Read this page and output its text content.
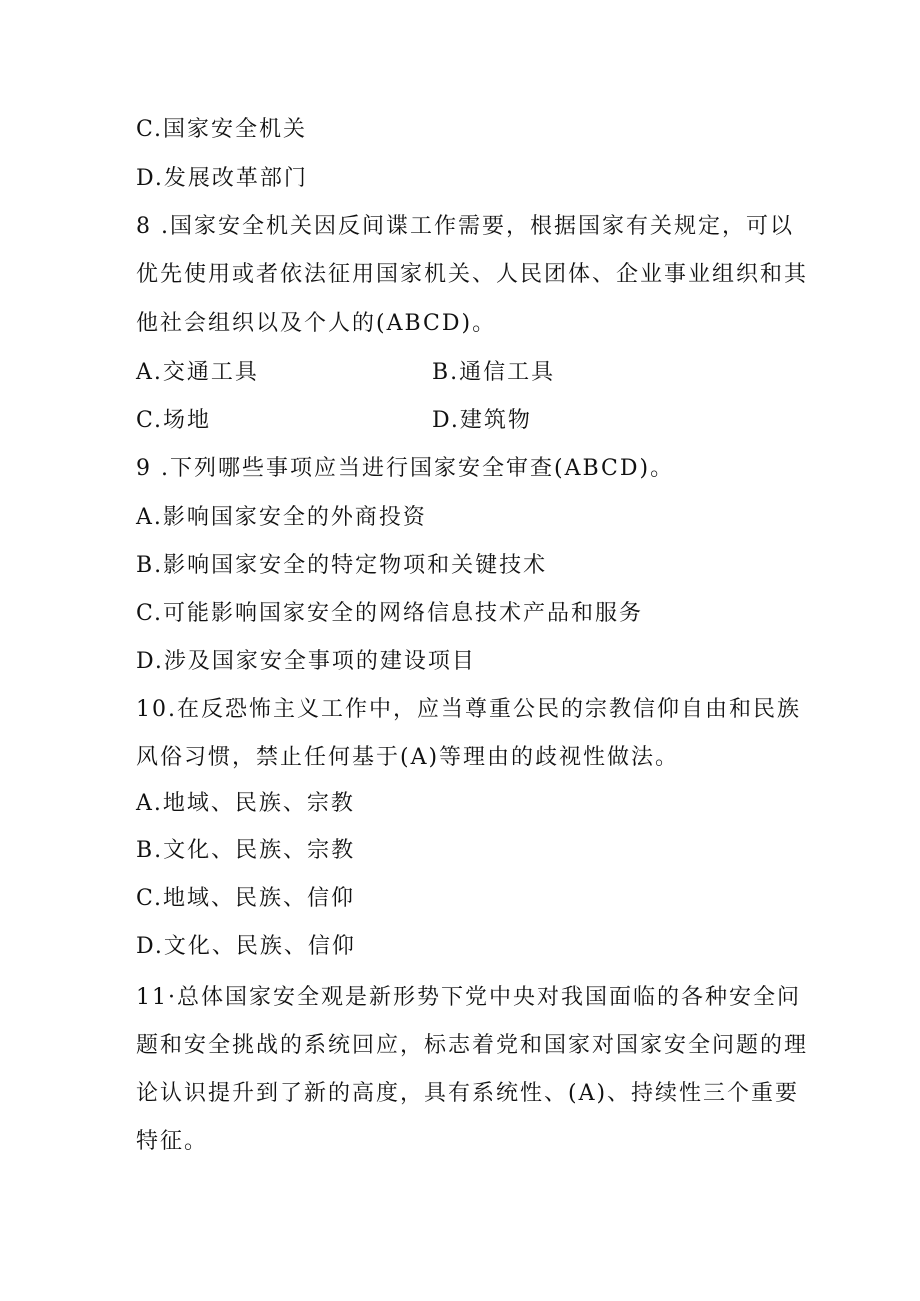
C.国家安全机关
D.发展改革部门
8 .国家安全机关因反间谍工作需要，根据国家有关规定，可以
优先使用或者依法征用国家机关、人民团体、企业事业组织和其
他社会组织以及个人的(ABCD)。
A.交通工具	B.通信工具
C.场地	D.建筑物
9 .下列哪些事项应当进行国家安全审查(ABCD)。
A.影响国家安全的外商投资
B.影响国家安全的特定物项和关键技术
C.可能影响国家安全的网络信息技术产品和服务
D.涉及国家安全事项的建设项目
10.在反恐怖主义工作中，应当尊重公民的宗教信仰自由和民族
风俗习惯，禁止任何基于(A)等理由的歧视性做法。
A.地域、民族、宗教
B.文化、民族、宗教
C.地域、民族、信仰
D.文化、民族、信仰
11·总体国家安全观是新形势下党中央对我国面临的各种安全问
题和安全挑战的系统回应，标志着党和国家对国家安全问题的理
论认识提升到了新的高度，具有系统性、(A)、持续性三个重要
特征。
